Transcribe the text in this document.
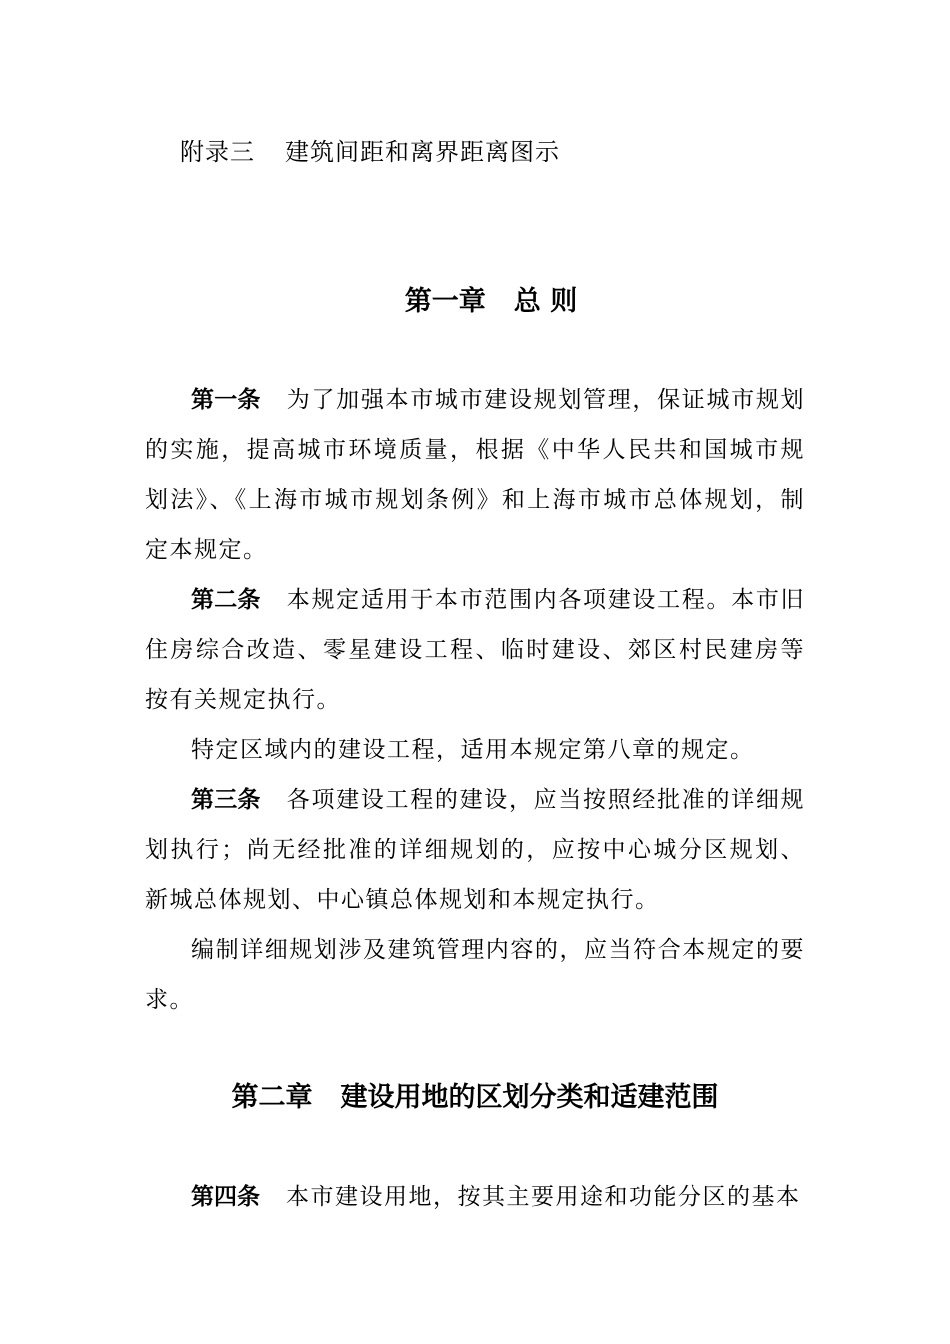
附录三 建筑间距和离界距离图示
第一章 总 则
第一条 为了加强本市城市建设规划管理，保证城市规划的实施，提高城市环境质量，根据《中华人民共和国城市规划法》、《上海市城市规划条例》和上海市城市总体规划，制定本规定。
第二条 本规定适用于本市范围内各项建设工程。本市旧住房综合改造、零星建设工程、临时建设、郊区村民建房等按有关规定执行。
特定区域内的建设工程，适用本规定第八章的规定。
第三条 各项建设工程的建设，应当按照经批准的详细规划执行；尚无经批准的详细规划的，应按中心城分区规划、新城总体规划、中心镇总体规划和本规定执行。
编制详细规划涉及建筑管理内容的，应当符合本规定的要求。
第二章 建设用地的区划分类和适建范围
第四条 本市建设用地，按其主要用途和功能分区的基本
